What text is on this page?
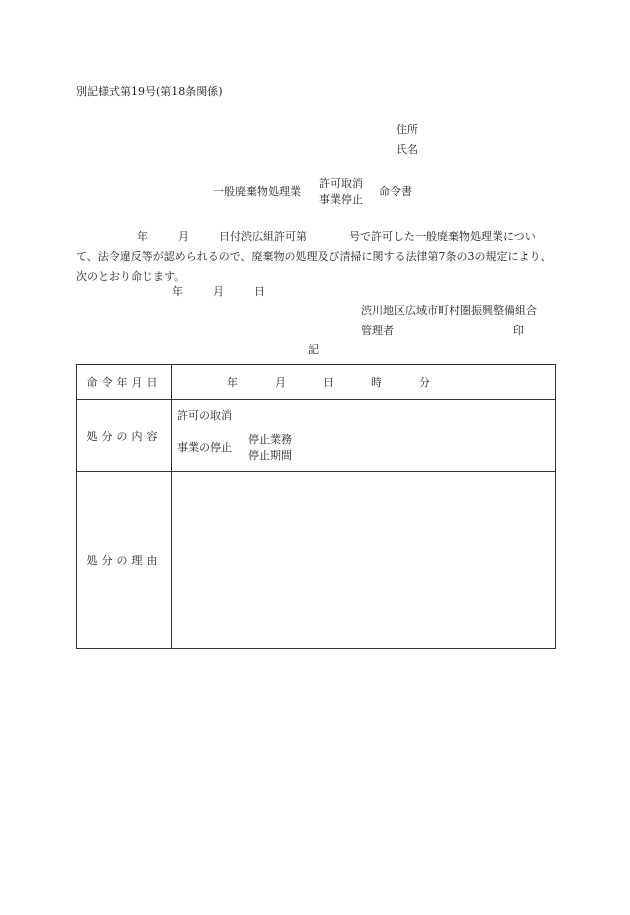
別記様式第19号(第18条関係)
住所
氏名
一般廃棄物処理業
許可取消
事業停止
命令書
年	月	日付渋広組許可第	号で許可した一般廃棄物処理業について、法令違反等が認められるので、廃棄物の処理及び清掃に関する法律第7条の3の規定により、次のとおり命じます。
年	月	日
渋川地区広域市町村圏振興整備組合
管理者	印
記
命令年月日	年 月 日 時 分

処分の内容	許可の取消
事業の停止
停止業務
停止期間

処分の理由	
